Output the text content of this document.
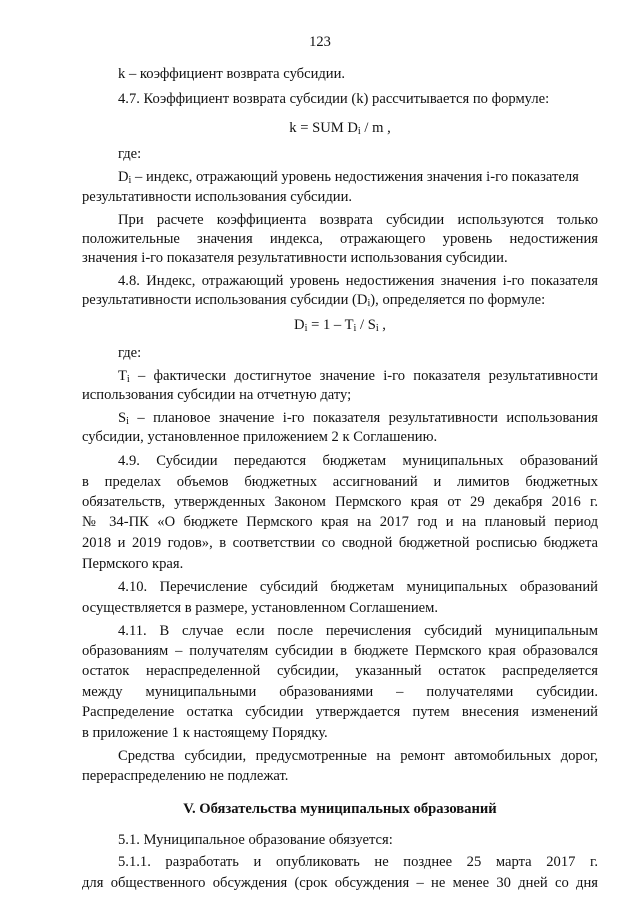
123
k – коэффициент возврата субсидии.
4.7. Коэффициент возврата субсидии (k) рассчитывается по формуле:
k = SUM $D_i$ / m ,
где:
$D_i$ – индекс, отражающий уровень недостижения значения i-го показателя
результативности использования субсидии.
При расчете коэффициента возврата субсидии используются только
положительные значения индекса, отражающего уровень недостижения
значения i-го показателя результативности использования субсидии.
4.8. Индекс, отражающий уровень недостижения значения i-го показателя
результативности использования субсидии $(D_i)$, определяется по формуле:
$D_i = 1 - T_i / S_i$ ,
где:
$T_i$ – фактически достигнутое значение i-го показателя результативности
использования субсидии на отчетную дату;
$S_i$ – плановое значение i-го показателя результативности использования
субсидии, установленное приложением 2 к Соглашению.
4.9. Субсидии передаются бюджетам муниципальных образований
в пределах объемов бюджетных ассигнований и лимитов бюджетных
обязательств, утвержденных Законом Пермского края от 29 декабря 2016 г.
№ 34-ПК «О бюджете Пермского края на 2017 год и на плановый период
2018 и 2019 годов», в соответствии со сводной бюджетной росписью бюджета
Пермского края.
4.10. Перечисление субсидий бюджетам муниципальных образований
осуществляется в размере, установленном Соглашением.
4.11. В случае если после перечисления субсидий муниципальным
образованиям – получателям субсидии в бюджете Пермского края образовался
остаток нераспределенной субсидии, указанный остаток распределяется
между муниципальными образованиями – получателями субсидии.
Распределение остатка субсидии утверждается путем внесения изменений
в приложение 1 к настоящему Порядку.
Средства субсидии, предусмотренные на ремонт автомобильных дорог,
перераспределению не подлежат.
V. Обязательства муниципальных образований
5.1. Муниципальное образование обязуется:
5.1.1. разработать и опубликовать не позднее 25 марта 2017 г.
для общественного обсуждения (срок обсуждения – не менее 30 дней со дня
